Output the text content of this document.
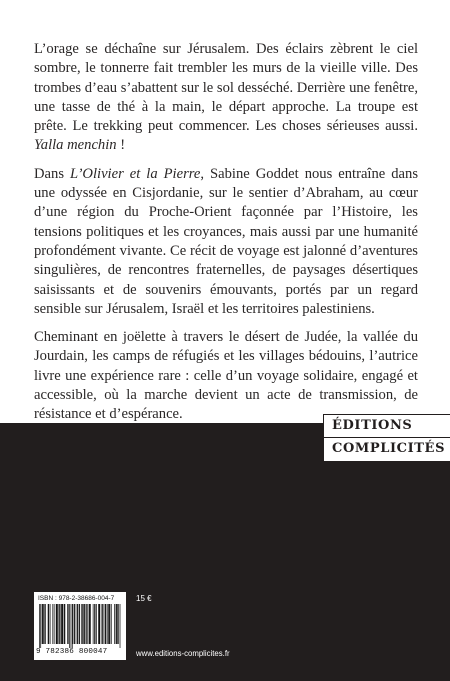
L’orage se déchaîne sur Jérusalem. Des éclairs zèbrent le ciel sombre, le tonnerre fait trembler les murs de la vieille ville. Des trombes d’eau s’abattent sur le sol desséché. Derrière une fenêtre, une tasse de thé à la main, le départ approche. La troupe est prête. Le trekking peut commencer. Les choses sérieuses aussi. Yalla menchin !

Dans L’Olivier et la Pierre, Sabine Goddet nous entraîne dans une odyssée en Cisjordanie, sur le sentier d’Abraham, au cœur d’une région du Proche-Orient façonnée par l’Histoire, les tensions politiques et les croyances, mais aussi par une humanité profondément vivante. Ce récit de voyage est jalonné d’aventures singulières, de rencontres fraternelles, de paysages désertiques saisissants et de souvenirs émouvants, portés par un regard sensible sur Jérusalem, Israël et les territoires palestiniens.

Cheminant en joëlette à travers le désert de Judée, la vallée du Jourdain, les camps de réfugiés et les villages bédouins, l’autrice livre une expérience rare : celle d’un voyage solidaire, engagé et accessible, où la marche devient un acte de transmission, de résistance et d’espérance.

ÉDITIONS
COMPLICITÉS
ISBN : 978-2-38686-004-7
9 782386 800047
15 €
www.editions-complicites.fr
